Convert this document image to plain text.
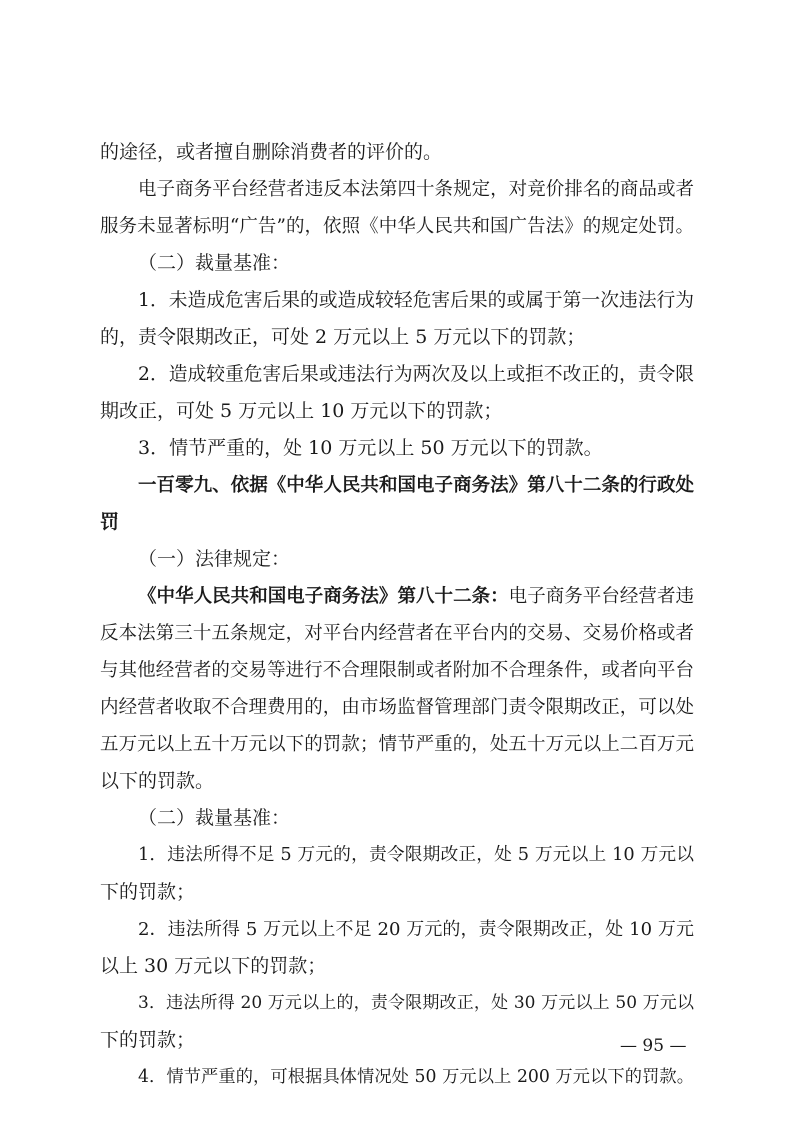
的途径，或者擅自删除消费者的评价的。
电子商务平台经营者违反本法第四十条规定，对竞价排名的商品或者
服务未显著标明“广告”的，依照《中华人民共和国广告法》的规定处罚。
（二）裁量基准：
1．未造成危害后果的或造成较轻危害后果的或属于第一次违法行为
的，责令限期改正，可处 2 万元以上 5 万元以下的罚款；
2．造成较重危害后果或违法行为两次及以上或拒不改正的，责令限
期改正，可处 5 万元以上 10 万元以下的罚款；
3．情节严重的，处 10 万元以上 50 万元以下的罚款。
一百零九、依据《中华人民共和国电子商务法》第八十二条的行政处
罚
（一）法律规定：
《中华人民共和国电子商务法》第八十二条：电子商务平台经营者违
反本法第三十五条规定，对平台内经营者在平台内的交易、交易价格或者
与其他经营者的交易等进行不合理限制或者附加不合理条件，或者向平台
内经营者收取不合理费用的，由市场监督管理部门责令限期改正，可以处
五万元以上五十万元以下的罚款；情节严重的，处五十万元以上二百万元
以下的罚款。
（二）裁量基准：
1．违法所得不足 5 万元的，责令限期改正，处 5 万元以上 10 万元以
下的罚款；
2．违法所得 5 万元以上不足 20 万元的，责令限期改正，处 10 万元
以上 30 万元以下的罚款；
3．违法所得 20 万元以上的，责令限期改正，处 30 万元以上 50 万元以
下的罚款；
4．情节严重的，可根据具体情况处 50 万元以上 200 万元以下的罚款。
— 95 —
